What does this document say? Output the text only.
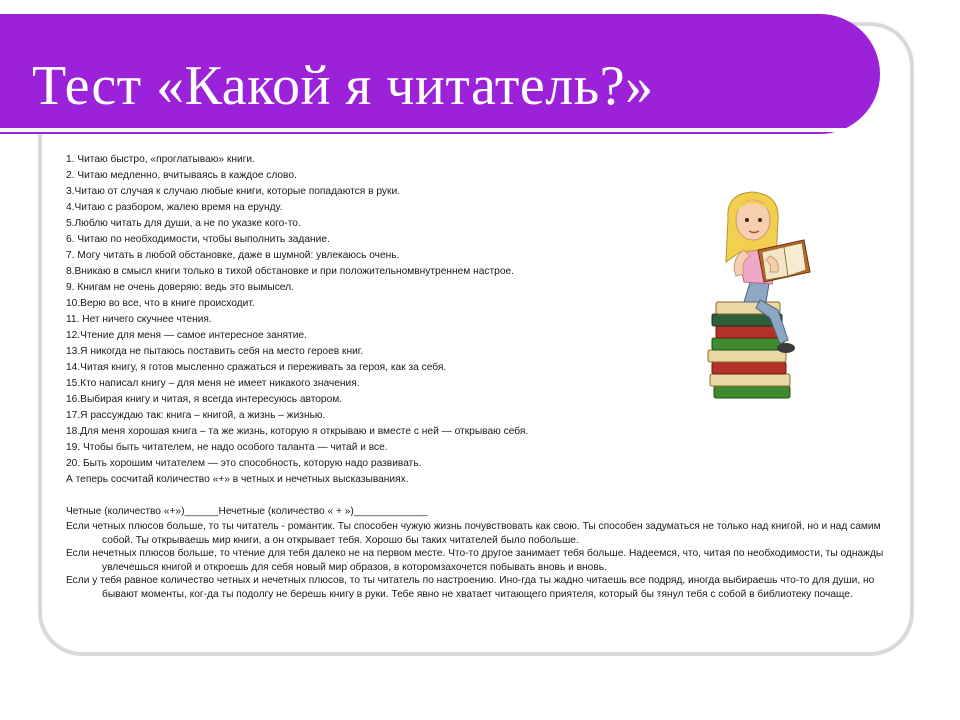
Тест «Какой я читатель?»
1. Читаю быстро, «проглатываю» книги.
2. Читаю медленно, вчитываясь в каждое слово.
3.Читаю от случая к случаю любые книги, которые попадаются в руки.
4.Читаю с разбором, жалею время на ерунду.
5.Люблю читать для души, а не по указке кого-то.
6. Читаю по необходимости, чтобы выполнить задание.
7. Могу читать в любой обстановке, даже в шумной: увлекаюсь очень.
8.Вникаю в смысл книги только в тихой обстановке и при положительномвнутреннем настрое.
9. Книгам не очень доверяю: ведь это вымысел.
10.Верю во все, что в книге происходит.
11. Нет ничего скучнее чтения.
12.Чтение для меня — самое интересное занятие.
13.Я никогда не пытаюсь поставить себя на место героев книг.
14.Читая книгу, я готов мысленно сражаться и переживать за героя, как за себя.
15.Кто написал книгу – для меня не имеет никакого значения.
16.Выбирая книгу и читая, я всегда интересуюсь автором.
17.Я рассуждаю так: книга – книгой, а жизнь – жизнью.
18.Для меня хорошая книга – та же жизнь, которую я открываю и вместе с ней — открываю себя.
19. Чтобы быть читателем, не надо особого таланта — читай и все.
20. Быть хорошим читателем — это способность, которую надо развивать.
А теперь сосчитай количество «+» в четных и нечетных высказываниях.
Четные (количество «+»)______Нечетные (количество « + »)_____________

Если четных плюсов больше, то ты читатель - романтик. Ты способен чужую жизнь почувствовать как свою. Ты способен задуматься не только над книгой, но и над самим собой. Ты открываешь мир книги, а он открывает тебя. Хорошо бы таких читателей было побольше.

Если нечетных плюсов больше, то чтение для тебя далеко не на первом месте. Что-то другое занимает тебя больше. Надеемся, что, читая по необходимости, ты однажды увлечешься книгой и откроешь для себя новый мир образов, в которомзахочется побывать вновь и вновь.

Если у тебя равное количество четных и нечетных плюсов, то ты читатель по настроению. Ино-гда ты жадно читаешь все подряд, иногда выбираешь что-то для души, но бывают моменты, ког-да ты подолгу не берешь книгу в руки. Тебе явно не хватает читающего приятеля, который бы тянул тебя с собой в библиотеку почаще.
